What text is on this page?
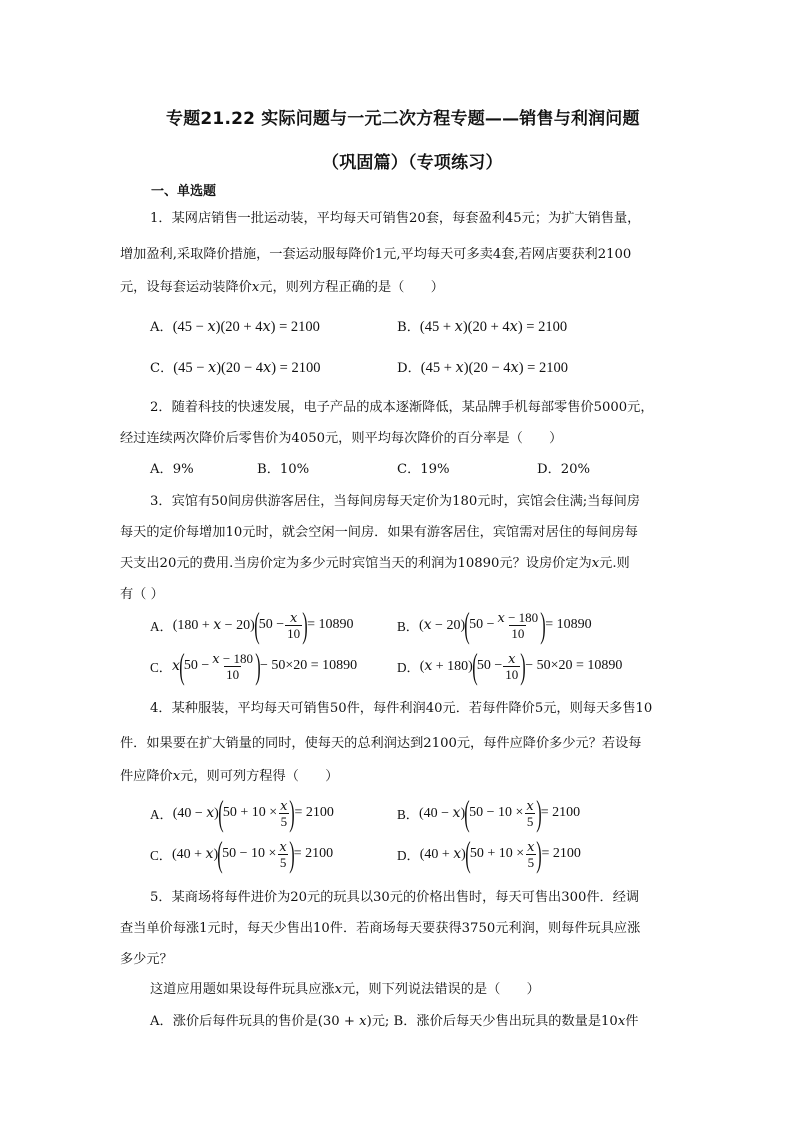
专题21.22 实际问题与一元二次方程专题——销售与利润问题
（巩固篇）（专项练习）
一、单选题
1．某网店销售一批运动装，平均每天可销售20套，每套盈利45元；为扩大销售量，
增加盈利,采取降价措施，一套运动服每降价1元,平均每天可多卖4套,若网店要获利2100
元，设每套运动装降价𝑥元，则列方程正确的是（　　）
A．(45 − 𝑥)(20 + 4𝑥) = 2100	B．(45 + 𝑥)(20 + 4𝑥) = 2100
C．(45 − 𝑥)(20 − 4𝑥) = 2100	D．(45 + 𝑥)(20 − 4𝑥) = 2100
2．随着科技的快速发展，电子产品的成本逐渐降低，某品牌手机每部零售价5000元，
经过连续两次降价后零售价为4050元，则平均每次降价的百分率是（　　）
A．9%	B．10%	C．19%	D．20%
3．宾馆有50间房供游客居住，当每间房每天定价为180元时，宾馆会住满;当每间房
每天的定价每增加10元时，就会空闲一间房．如果有游客居住，宾馆需对居住的每间房每
天支出20元的费用.当房价定为多少元时宾馆当天的利润为10890元？设房价定为𝑥元.则
有（ ）
A． (180 + 𝑥 − 20) ( $50 - \frac{\text{𝑥}}{10}$ ) = 10890	B． (𝑥 − 20) ( $50 - \frac{\text{𝑥 − 180}}{10}$ ) = 10890
C． 𝑥 ( $50 - \frac{\text{𝑥 − 180}}{10}$ ) − 50×20 = 10890	D． (𝑥 + 180) ( $50 - \frac{\text{𝑥}}{10}$ ) − 50×20 = 10890
4．某种服装，平均每天可销售50件，每件利润40元．若每件降价5元，则每天多售10
件．如果要在扩大销量的同时，使每天的总利润达到2100元，每件应降价多少元？若设每
件应降价𝑥元，则可列方程得（　　）
A． (40 − 𝑥) ( $50 + 10 \times \frac{\text{𝑥}}{5}$ ) = 2100	B． (40 − 𝑥) ( $50 - 10 \times \frac{\text{𝑥}}{5}$ ) = 2100
C． (40 + 𝑥) ( $50 - 10 \times \frac{\text{𝑥}}{5}$ ) = 2100	D． (40 + 𝑥) ( $50 + 10 \times \frac{\text{𝑥}}{5}$ ) = 2100
5．某商场将每件进价为20元的玩具以30元的价格出售时，每天可售出300件．经调
查当单价每涨1元时，每天少售出10件．若商场每天要获得3750元利润，则每件玩具应涨
多少元？
这道应用题如果设每件玩具应涨𝑥元，则下列说法错误的是（　　）
A．涨价后每件玩具的售价是(30 + 𝑥)元; B．涨价后每天少售出玩具的数量是10𝑥件
